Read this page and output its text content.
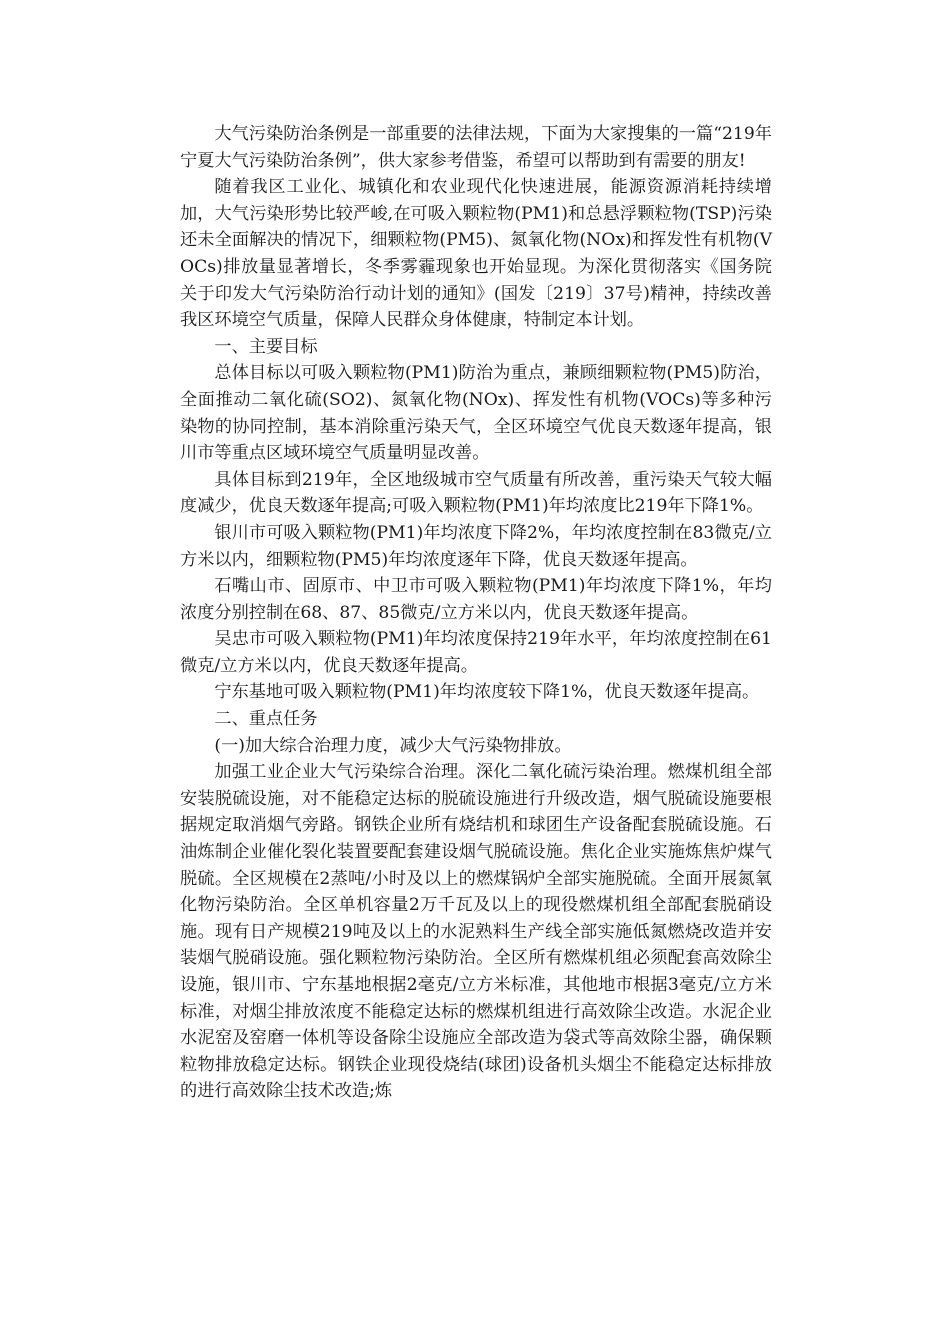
大气污染防治条例是一部重要的法律法规，下面为大家搜集的一篇“219年宁夏大气污染防治条例”，供大家参考借鉴，希望可以帮助到有需要的朋友!

随着我区工业化、城镇化和农业现代化快速进展，能源资源消耗持续增加，大气污染形势比较严峻,在可吸入颗粒物(PM1)和总悬浮颗粒物(TSP)污染还未全面解决的情况下，细颗粒物(PM5)、氮氧化物(NOx)和挥发性有机物(VOCs)排放量显著增长，冬季雾霾现象也开始显现。为深化贯彻落实《国务院关于印发大气污染防治行动计划的通知》(国发〔219〕37号)精神，持续改善我区环境空气质量，保障人民群众身体健康，特制定本计划。

一、主要目标

总体目标以可吸入颗粒物(PM1)防治为重点，兼顾细颗粒物(PM5)防治，全面推动二氧化硫(SO2)、氮氧化物(NOx)、挥发性有机物(VOCs)等多种污染物的协同控制，基本消除重污染天气，全区环境空气优良天数逐年提高，银川市等重点区域环境空气质量明显改善。

具体目标到219年，全区地级城市空气质量有所改善，重污染天气较大幅度减少，优良天数逐年提高;可吸入颗粒物(PM1)年均浓度比219年下降1%。

银川市可吸入颗粒物(PM1)年均浓度下降2%，年均浓度控制在83微克/立方米以内，细颗粒物(PM5)年均浓度逐年下降，优良天数逐年提高。

石嘴山市、固原市、中卫市可吸入颗粒物(PM1)年均浓度下降1%，年均浓度分别控制在68、87、85微克/立方米以内，优良天数逐年提高。

吴忠市可吸入颗粒物(PM1)年均浓度保持219年水平，年均浓度控制在61微克/立方米以内，优良天数逐年提高。

宁东基地可吸入颗粒物(PM1)年均浓度较下降1%，优良天数逐年提高。

二、重点任务

(一)加大综合治理力度，减少大气污染物排放。

加强工业企业大气污染综合治理。深化二氧化硫污染治理。燃煤机组全部安装脱硫设施，对不能稳定达标的脱硫设施进行升级改造，烟气脱硫设施要根据规定取消烟气旁路。钢铁企业所有烧结机和球团生产设备配套脱硫设施。石油炼制企业催化裂化装置要配套建设烟气脱硫设施。焦化企业实施炼焦炉煤气脱硫。全区规模在2蒸吨/小时及以上的燃煤锅炉全部实施脱硫。全面开展氮氧化物污染防治。全区单机容量2万千瓦及以上的现役燃煤机组全部配套脱硝设施。现有日产规模219吨及以上的水泥熟料生产线全部实施低氮燃烧改造并安装烟气脱硝设施。强化颗粒物污染防治。全区所有燃煤机组必须配套高效除尘设施，银川市、宁东基地根据2毫克/立方米标准，其他地市根据3毫克/立方米标准，对烟尘排放浓度不能稳定达标的燃煤机组进行高效除尘改造。水泥企业水泥窑及窑磨一体机等设备除尘设施应全部改造为袋式等高效除尘器，确保颗粒物排放稳定达标。钢铁企业现役烧结(球团)设备机头烟尘不能稳定达标排放的进行高效除尘技术改造;炼
